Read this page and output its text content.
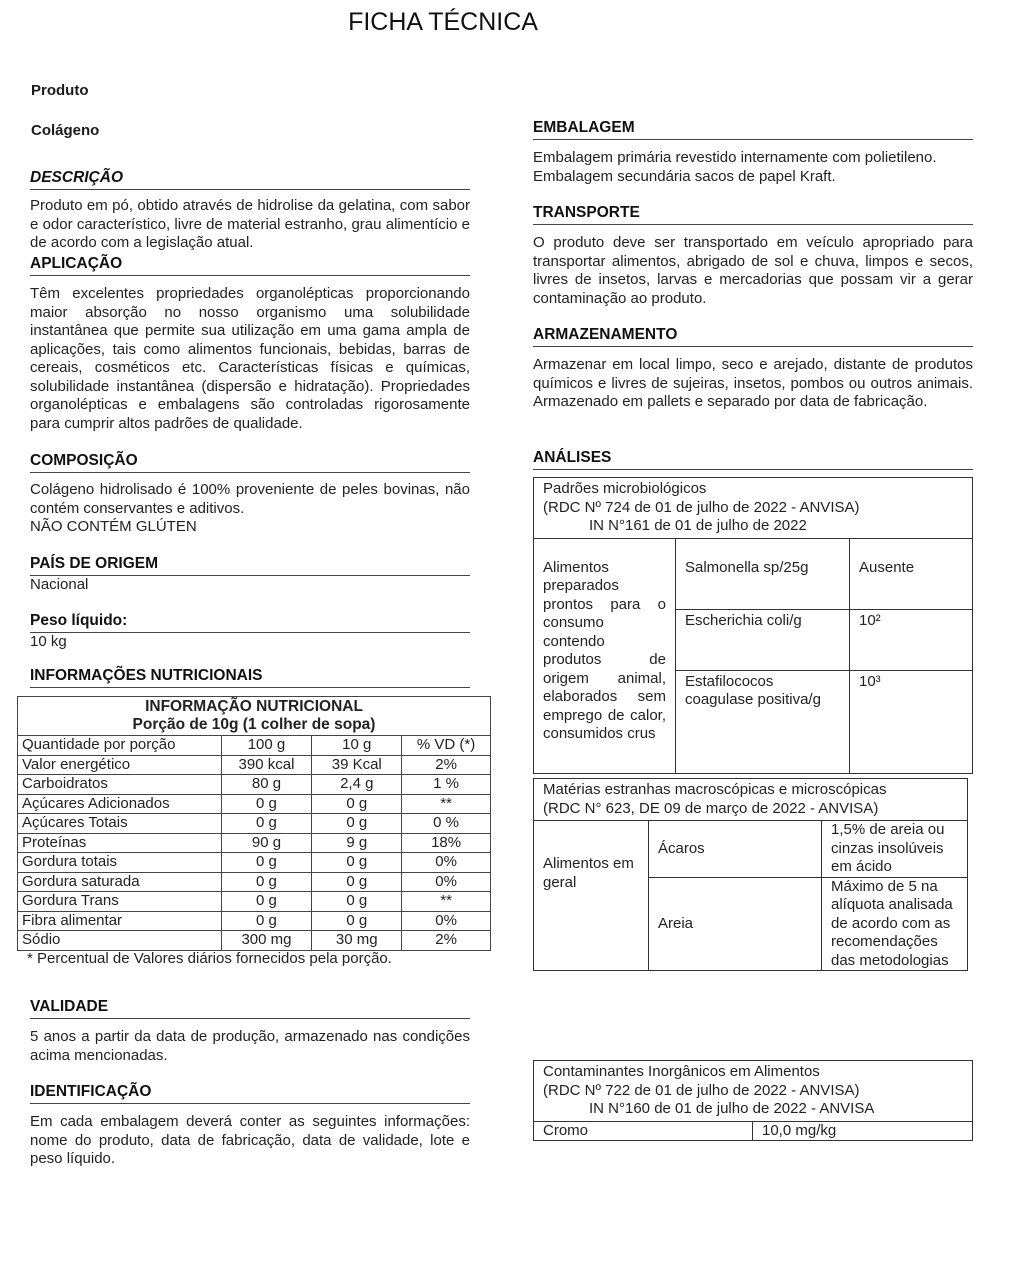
FICHA TÉCNICA
Produto
Colágeno
DESCRIÇÃO
Produto em pó, obtido através de hidrolise da gelatina, com sabor e odor característico, livre de material estranho, grau alimentício e de acordo com a legislação atual.
APLICAÇÃO
Têm excelentes propriedades organolépticas proporcionando maior absorção no nosso organismo uma solubilidade instantânea que permite sua utilização em uma gama ampla de aplicações, tais como alimentos funcionais, bebidas, barras de cereais, cosméticos etc. Características físicas e químicas, solubilidade instantânea (dispersão e hidratação). Propriedades organolépticas e embalagens são controladas rigorosamente para cumprir altos padrões de qualidade.
COMPOSIÇÃO
Colágeno hidrolisado é 100% proveniente de peles bovinas, não contém conservantes e aditivos.
NÃO CONTÉM GLÚTEN
PAÍS DE ORIGEM
Nacional
Peso líquido:
10 kg
INFORMAÇÕES NUTRICIONAIS
INFORMAÇÃO NUTRICIONAL
Porção de 10g (1 colher de sopa)			

Quantidade por porção	100 g	10 g	% VD (*)
Valor energético	390 kcal	39 Kcal	2%
Carboidratos	80 g	2,4 g	1 %
Açúcares Adicionados	0 g	0 g	**
Açúcares Totais	0 g	0 g	0 %
Proteínas	90 g	9 g	18%
Gordura totais	0 g	0 g	0%
Gordura saturada	0 g	0 g	0%
Gordura Trans	0 g	0 g	**
Fibra alimentar	0 g	0 g	0%
Sódio	300 mg	30 mg	2%
* Percentual de Valores diários fornecidos pela porção.
VALIDADE
5 anos a partir da data de produção, armazenado nas condições acima mencionadas.
IDENTIFICAÇÃO
Em cada embalagem deverá conter as seguintes informações: nome do produto, data de fabricação, data de validade, lote e peso líquido.
EMBALAGEM
Embalagem primária revestido internamente com polietileno.
Embalagem secundária sacos de papel Kraft.
TRANSPORTE
O produto deve ser transportado em veículo apropriado para transportar alimentos, abrigado de sol e chuva, limpos e secos, livres de insetos, larvas e mercadorias que possam vir a gerar contaminação ao produto.
ARMAZENAMENTO
Armazenar em local limpo, seco e arejado, distante de produtos químicos e livres de sujeiras, insetos, pombos ou outros animais. Armazenado em pallets e separado por data de fabricação.
ANÁLISES
Padrões microbiológicos
(RDC Nº 724 de 01 de julho de 2022 - ANVISA)
IN N°161 de 01 de julho de 2022		

Alimentos preparados prontos para o consumo contendo produtos de origem animal, elaborados sem emprego de calor, consumidos crus	Salmonella sp/25g	Ausente
	Escherichia coli/g	10²
	Estafilococos coagulase positiva/g	10³
Matérias estranhas macroscópicas e microscópicas
(RDC N° 623, DE 09 de março de 2022 - ANVISA)		

Alimentos em geral	Ácaros	1,5% de areia ou cinzas insolúveis em ácido
	Areia	Máximo de 5 na alíquota analisada de acordo com as recomendações das metodologias
Contaminantes Inorgânicos em Alimentos
(RDC Nº 722 de 01 de julho de 2022 - ANVISA)
IN N°160 de 01 de julho de 2022 - ANVISA

Cromo	10,0 mg/kg
